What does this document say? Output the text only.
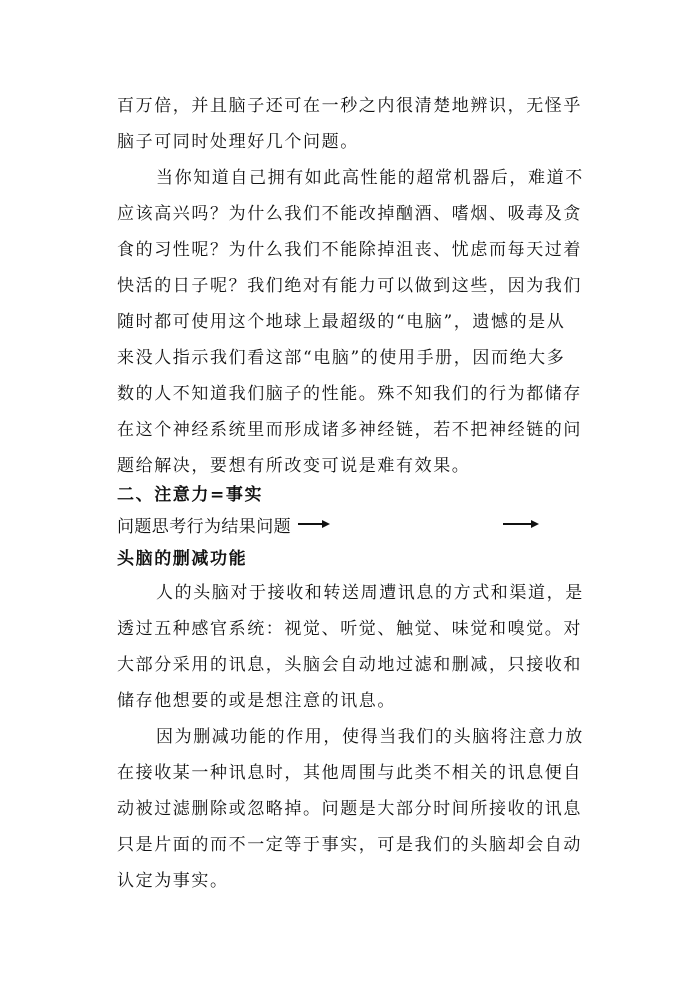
百万倍，并且脑子还可在一秒之内很清楚地辨识，无怪乎
脑子可同时处理好几个问题。
当你知道自己拥有如此高性能的超常机器后，难道不
应该高兴吗？为什么我们不能改掉酗酒、嗜烟、吸毒及贪
食的习性呢？为什么我们不能除掉沮丧、忧虑而每天过着
快活的日子呢？我们绝对有能力可以做到这些，因为我们
随时都可使用这个地球上最超级的“电脑”，遗憾的是从
来没人指示我们看这部“电脑”的使用手册，因而绝大多
数的人不知道我们脑子的性能。殊不知我们的行为都储存
在这个神经系统里而形成诸多神经链，若不把神经链的问
题给解决，要想有所改变可说是难有效果。
二、注意力=事实
问题思考行为结果问题
头脑的删减功能
人的头脑对于接收和转送周遭讯息的方式和渠道，是
透过五种感官系统：视觉、听觉、触觉、味觉和嗅觉。对
大部分采用的讯息，头脑会自动地过滤和删减，只接收和
储存他想要的或是想注意的讯息。
因为删减功能的作用，使得当我们的头脑将注意力放
在接收某一种讯息时，其他周围与此类不相关的讯息便自
动被过滤删除或忽略掉。问题是大部分时间所接收的讯息
只是片面的而不一定等于事实，可是我们的头脑却会自动
认定为事实。
